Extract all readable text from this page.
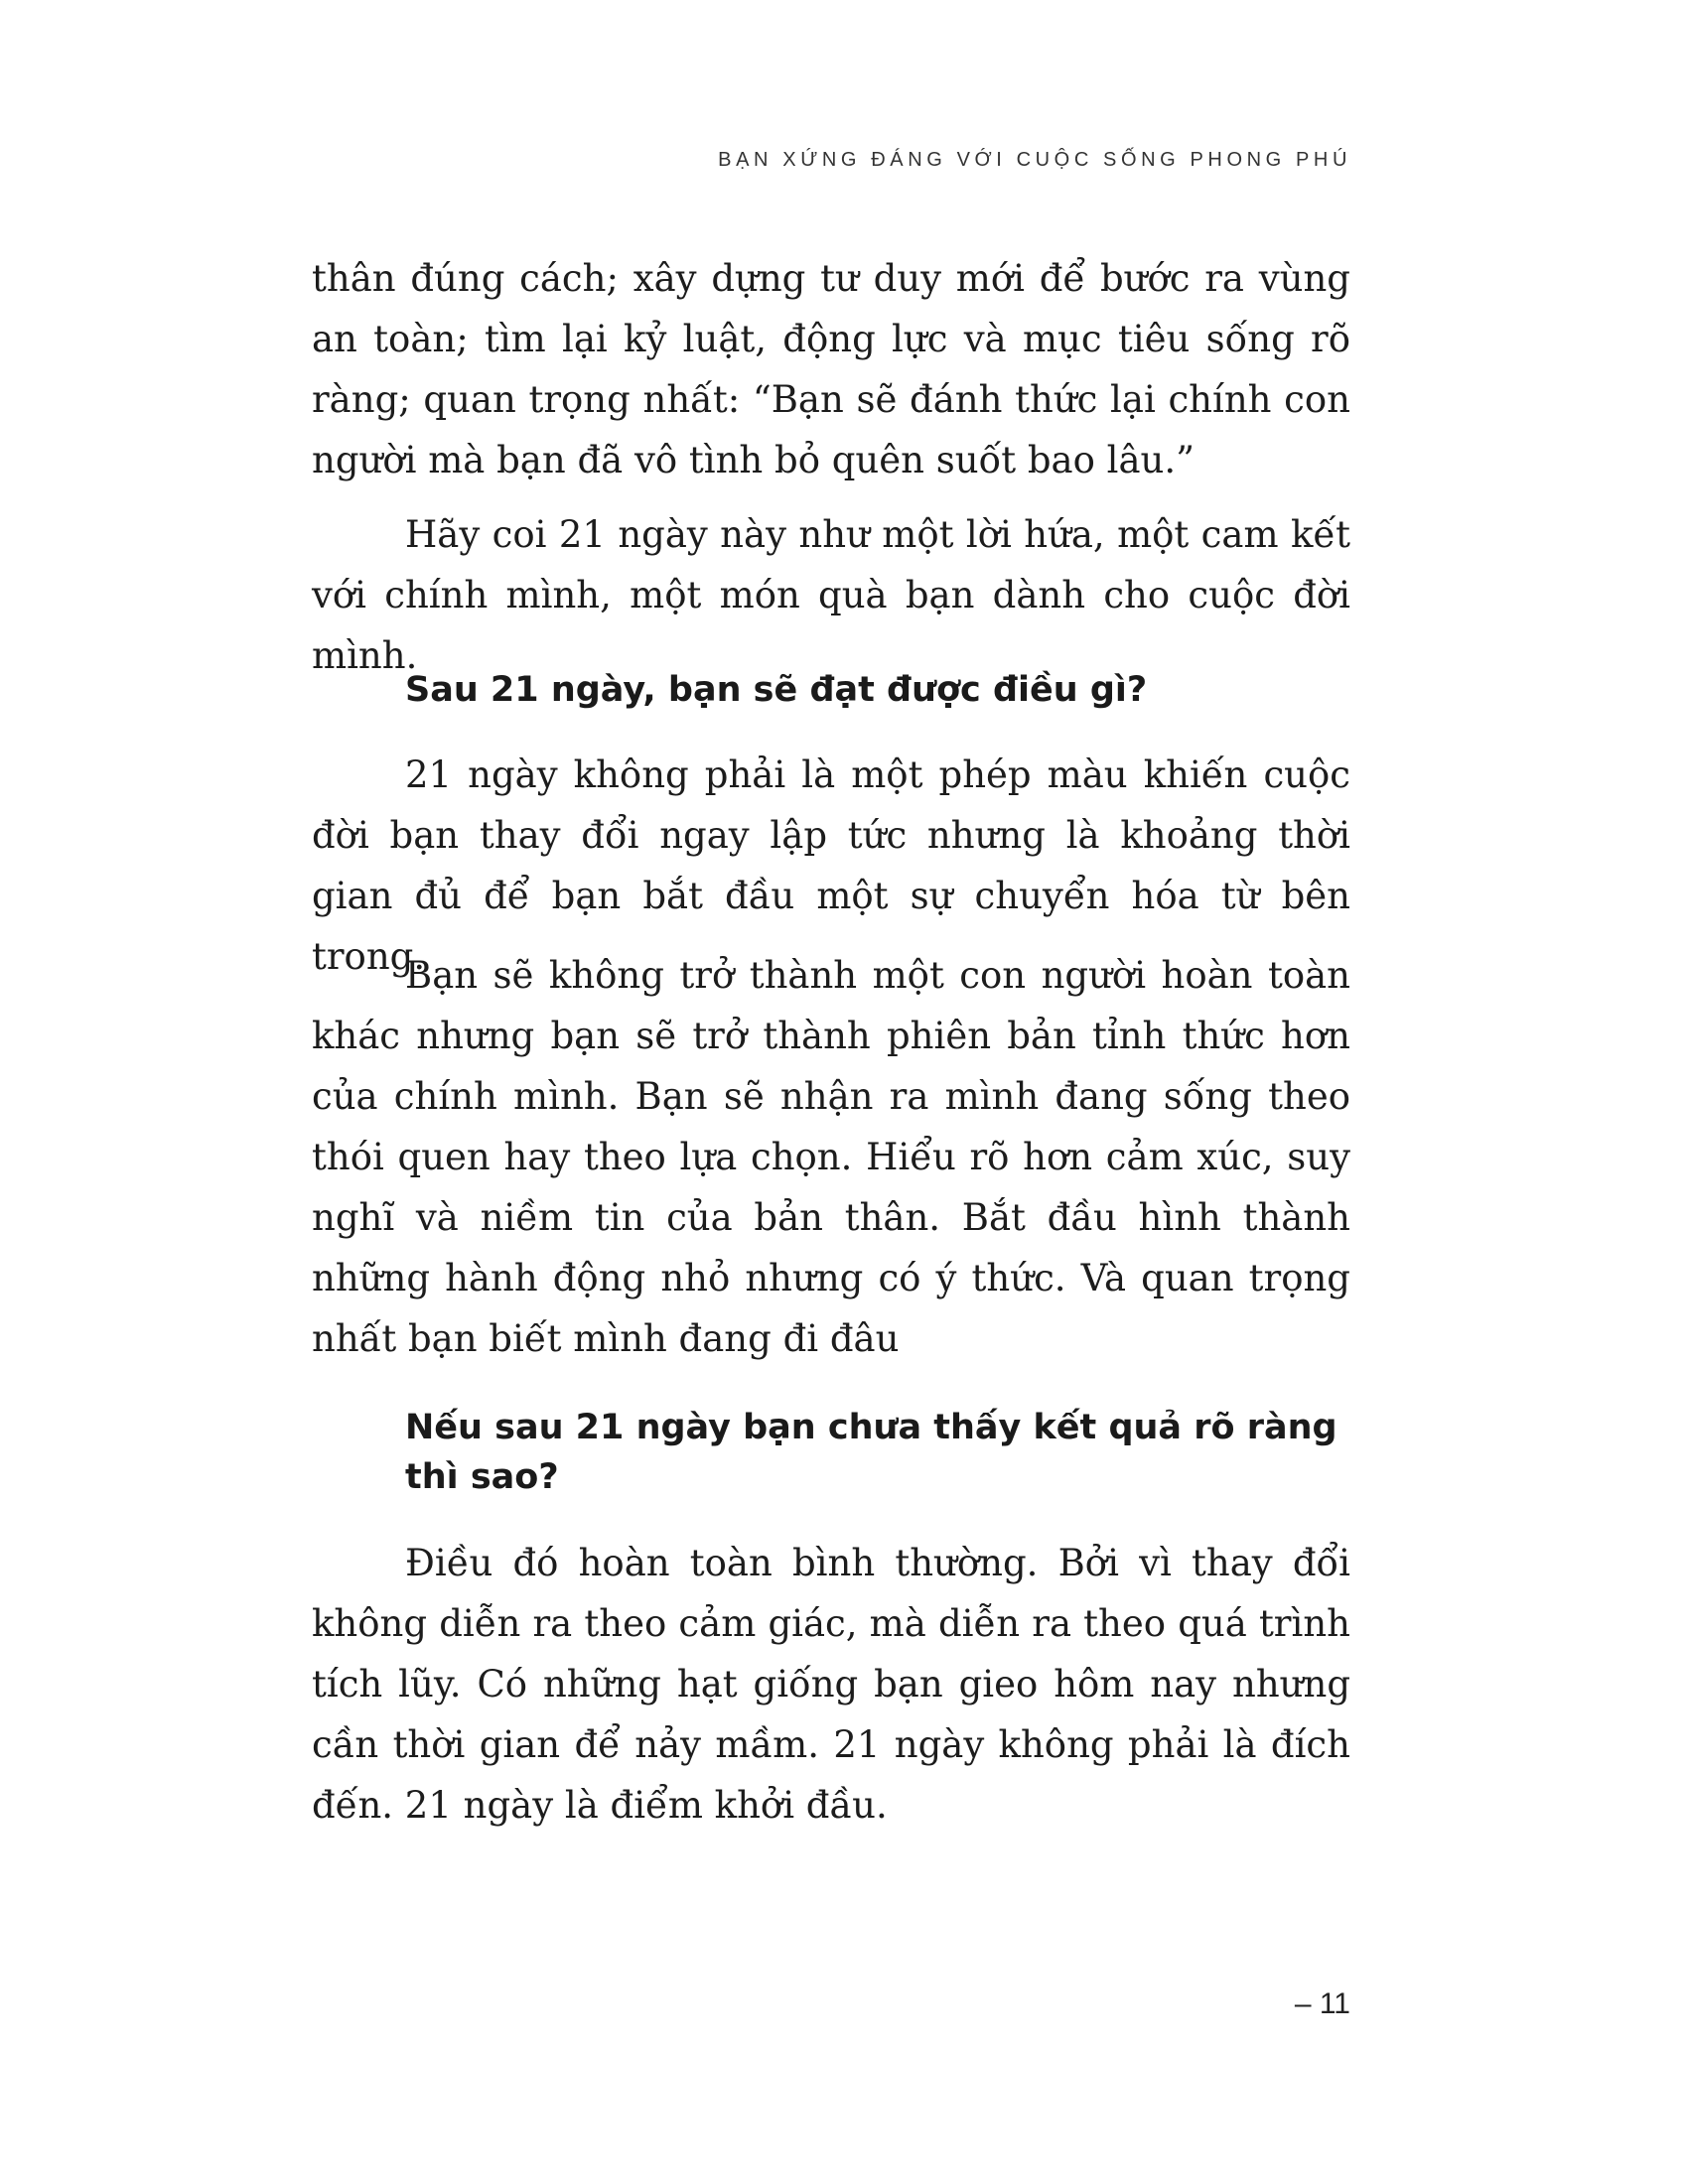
BẠN XỨNG ĐÁNG VỚI CUỘC SỐNG PHONG PHÚ

thân đúng cách; xây dựng tư duy mới để bước ra vùng an toàn; tìm lại kỷ luật, động lực và mục tiêu sống rõ ràng; quan trọng nhất: “Bạn sẽ đánh thức lại chính con người mà bạn đã vô tình bỏ quên suốt bao lâu.”

Hãy coi 21 ngày này như một lời hứa, một cam kết với chính mình, một món quà bạn dành cho cuộc đời mình.

Sau 21 ngày, bạn sẽ đạt được điều gì?

21 ngày không phải là một phép màu khiến cuộc đời bạn thay đổi ngay lập tức nhưng là khoảng thời gian đủ để bạn bắt đầu một sự chuyển hóa từ bên trong.

Bạn sẽ không trở thành một con người hoàn toàn khác nhưng bạn sẽ trở thành phiên bản tỉnh thức hơn của chính mình. Bạn sẽ nhận ra mình đang sống theo thói quen hay theo lựa chọn. Hiểu rõ hơn cảm xúc, suy nghĩ và niềm tin của bản thân. Bắt đầu hình thành những hành động nhỏ nhưng có ý thức. Và quan trọng nhất bạn biết mình đang đi đâu

Nếu sau 21 ngày bạn chưa thấy kết quả rõ ràng thì sao?

Điều đó hoàn toàn bình thường. Bởi vì thay đổi không diễn ra theo cảm giác, mà diễn ra theo quá trình tích lũy. Có những hạt giống bạn gieo hôm nay nhưng cần thời gian để nảy mầm. 21 ngày không phải là đích đến. 21 ngày là điểm khởi đầu.

– 11
